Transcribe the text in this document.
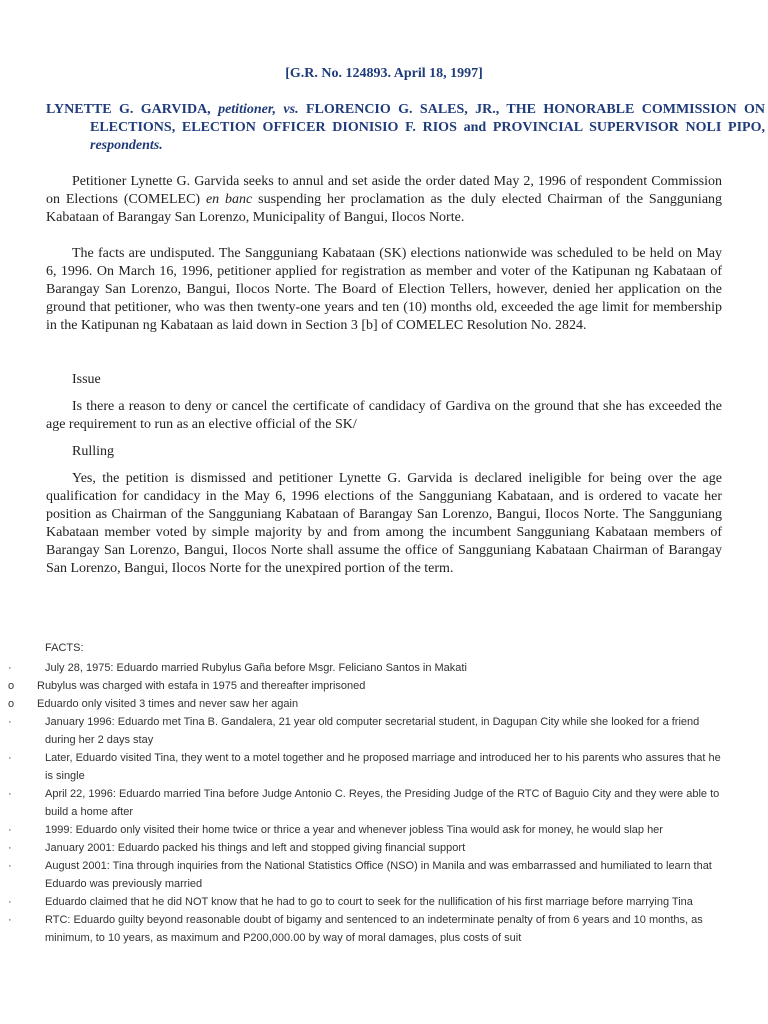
[G.R. No. 124893. April 18, 1997]
LYNETTE G. GARVIDA, petitioner, vs. FLORENCIO G. SALES, JR., THE HONORABLE COMMISSION ON ELECTIONS, ELECTION OFFICER DIONISIO F. RIOS and PROVINCIAL SUPERVISOR NOLI PIPO, respondents.

Petitioner Lynette G. Garvida seeks to annul and set aside the order dated May 2, 1996 of respondent Commission on Elections (COMELEC) en banc suspending her proclamation as the duly elected Chairman of the Sangguniang Kabataan of Barangay San Lorenzo, Municipality of Bangui, Ilocos Norte.

The facts are undisputed. The Sangguniang Kabataan (SK) elections nationwide was scheduled to be held on May 6, 1996. On March 16, 1996, petitioner applied for registration as member and voter of the Katipunan ng Kabataan of Barangay San Lorenzo, Bangui, Ilocos Norte. The Board of Election Tellers, however, denied her application on the ground that petitioner, who was then twenty-one years and ten (10) months old, exceeded the age limit for membership in the Katipunan ng Kabataan as laid down in Section 3 [b] of COMELEC Resolution No. 2824.

Issue

Is there a reason to deny or cancel the certificate of candidacy of Gardiva on the ground that she has exceeded the age requirement to run as an elective official of the SK/

Rulling

Yes, the petition is dismissed and petitioner Lynette G. Garvida is declared ineligible for being over the age qualification for candidacy in the May 6, 1996 elections of the Sangguniang Kabataan, and is ordered to vacate her position as Chairman of the Sangguniang Kabataan of Barangay San Lorenzo, Bangui, Ilocos Norte. The Sangguniang Kabataan member voted by simple majority by and from among the incumbent Sangguniang Kabataan members of Barangay San Lorenzo, Bangui, Ilocos Norte shall assume the office of Sangguniang Kabataan Chairman of Barangay San Lorenzo, Bangui, Ilocos Norte for the unexpired portion of the term.

FACTS:
·	July 28, 1975: Eduardo married Rubylus Gaña before Msgr. Feliciano Santos in Makati
o Rubylus was charged with estafa in 1975 and thereafter imprisoned
o Eduardo only visited 3 times and never saw her again
·	January 1996: Eduardo met Tina B. Gandalera, 21 year old computer secretarial student, in Dagupan City while she looked for a friend during her 2 days stay
·	Later, Eduardo visited Tina, they went to a motel together and he proposed marriage and introduced her to his parents who assures that he is single
·	April 22, 1996: Eduardo married Tina before Judge Antonio C. Reyes, the Presiding Judge of the RTC of Baguio City and they were able to build a home after
·	1999: Eduardo only visited their home twice or thrice a year and whenever jobless Tina would ask for money, he would slap her
·	January 2001: Eduardo packed his things and left and stopped giving financial support
·	August 2001: Tina through inquiries from the National Statistics Office (NSO) in Manila and was embarrassed and humiliated to learn that Eduardo was previously married
·	Eduardo claimed that he did NOT know that he had to go to court to seek for the nullification of his first marriage before marrying Tina
·	RTC: Eduardo guilty beyond reasonable doubt of bigamy and sentenced to an indeterminate penalty of from 6 years and 10 months, as minimum, to 10 years, as maximum and P200,000.00 by way of moral damages, plus costs of suit
